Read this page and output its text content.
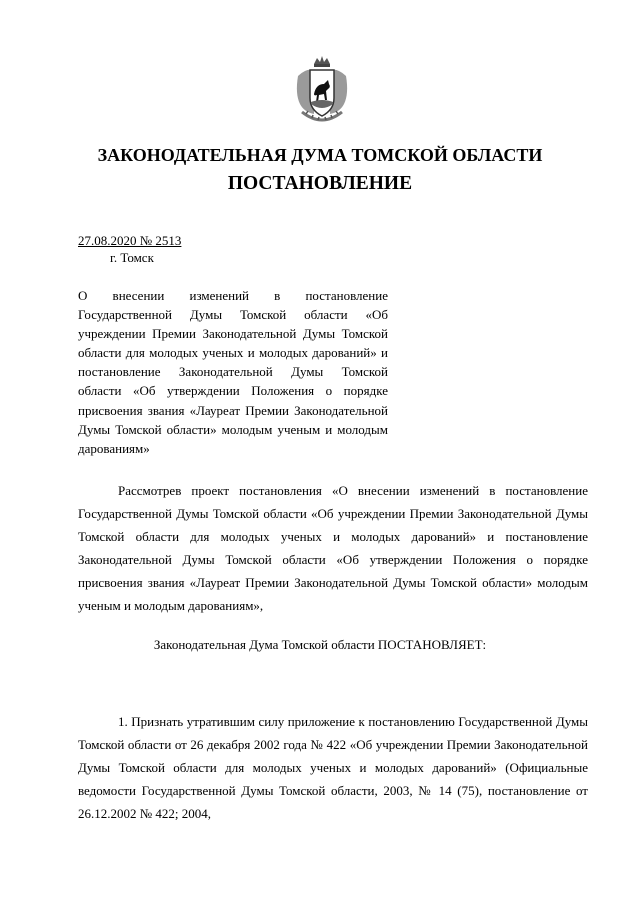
ЗАКОНОДАТЕЛЬНАЯ ДУМА ТОМСКОЙ ОБЛАСТИ
ПОСТАНОВЛЕНИЕ
27.08.2020 № 2513
г. Томск
О внесении изменений в постановление Государственной Думы Томской области «Об учреждении Премии Законодательной Думы Томской области для молодых ученых и молодых дарований» и постановление Законодательной Думы Томской области «Об утверждении Положения о порядке присвоения звания «Лауреат Премии Законодательной Думы Томской области» молодым ученым и молодым дарованиям»

Рассмотрев проект постановления «О внесении изменений в постановление Государственной Думы Томской области «Об учреждении Премии Законодательной Думы Томской области для молодых ученых и молодых дарований» и постановление Законодательной Думы Томской области «Об утверждении Положения о порядке присвоения звания «Лауреат Премии Законодательной Думы Томской области» молодым ученым и молодым дарованиям»,

Законодательная Дума Томской области ПОСТАНОВЛЯЕТ:

1. Признать утратившим силу приложение к постановлению Государственной Думы Томской области от 26 декабря 2002 года № 422 «Об учреждении Премии Законодательной Думы Томской области для молодых ученых и молодых дарований» (Официальные ведомости Государственной Думы Томской области, 2003, № 14 (75), постановление от 26.12.2002 № 422; 2004,
